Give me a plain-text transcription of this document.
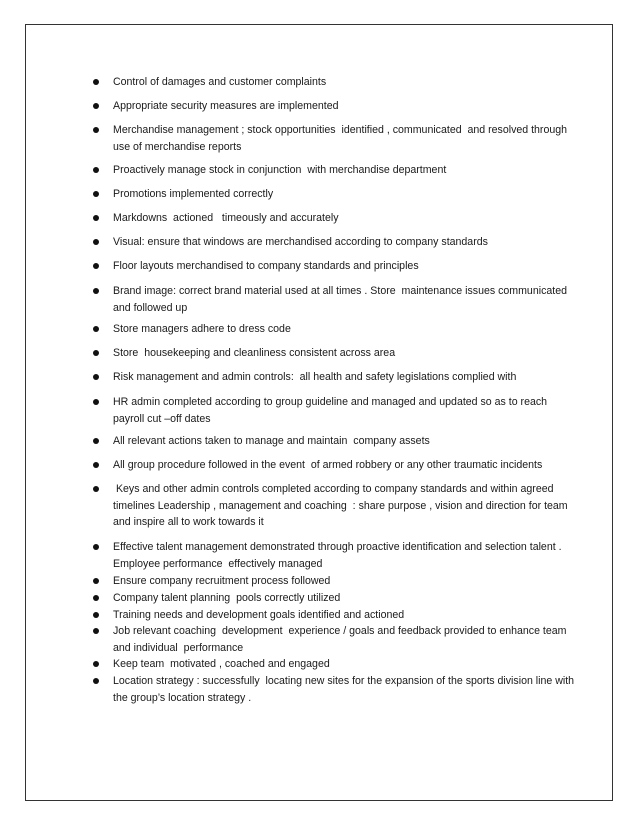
Control of damages and customer complaints
Appropriate security measures are implemented
Merchandise management ; stock opportunities  identified , communicated  and resolved through use of merchandise reports
Proactively manage stock in conjunction  with merchandise department
Promotions implemented correctly
Markdowns  actioned   timeously and accurately
Visual: ensure that windows are merchandised according to company standards
Floor layouts merchandised to company standards and principles
Brand image: correct brand material used at all times . Store  maintenance issues communicated and followed up
Store managers adhere to dress code
Store  housekeeping and cleanliness consistent across area
Risk management and admin controls:  all health and safety legislations complied with
HR admin completed according to group guideline and managed and updated so as to reach payroll cut –off dates
All relevant actions taken to manage and maintain  company assets
All group procedure followed in the event  of armed robbery or any other traumatic incidents
Keys and other admin controls completed according to company standards and within agreed timelines Leadership , management and coaching  : share purpose , vision and direction for team and inspire all to work towards it
Effective talent management demonstrated through proactive identification and selection talent . Employee performance  effectively managed
Ensure company recruitment process followed
Company talent planning  pools correctly utilized
Training needs and development goals identified and actioned
Job relevant coaching  development  experience / goals and feedback provided to enhance team and individual  performance
Keep team  motivated , coached and engaged
Location strategy : successfully  locating new sites for the expansion of the sports division line with the group’s location strategy .
